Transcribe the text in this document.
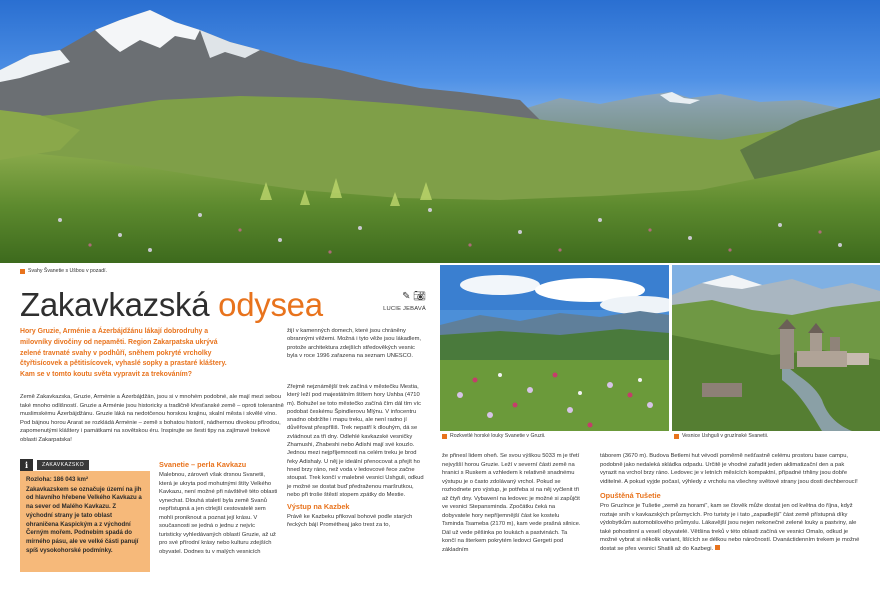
Svahy Švanetie s Ušbou v pozadí.
Zakavkazská odysea	✎ 📷︎
LUCIE JEBAVÁ

Hory Gruzie, Arménie a Ázerbájdžánu lákají dobrodruhy a milovníky divočiny od nepaměti. Region Zakarpatska ukrývá zelené travnaté svahy v podhůří, sněhem pokryté vrcholky čtyřtisícovek a pětitisícovek, vyhaslé sopky a prastaré kláštery. Kam se v tomto koutu světa vypravit za trekováním?

žijí v kamenných domech, které jsou chráněny obrannými věžemi. Možná i tyto věže jsou lákadlem, protože architektura zdejších středověkých vesnic byla v roce 1996 zařazena na seznam UNESCO.

Země Zakavkazska, Gruzie, Arménie a Ázerbájdžán, jsou si v mnohém podobné, ale mají mezi sebou také mnoho odlišností. Gruzie a Arménie jsou historicky a tradičně křesťanské země – oproti tolerantně muslimskému Ázerbájdžánu. Gruzie láká na nedotčenou horskou krajinu, skalní města i skvělé víno. Pod bájnou horou Ararat se rozkládá Arménie – země s bohatou historií, nádhernou divokou přírodou, zapomenutými kláštery i památkami na sovětskou éru. Inspirujte se šesti tipy na zajímavé trekové oblasti Zakarpatska!

i	ZAKAVKAZSKO
Rozloha: 186 043 km²
Zakavkazskem se označuje území na jih od hlavního hřebene Velkého Kavkazu a na sever od Malého Kavkazu. Z východní strany je tato oblast ohraničena Kaspickým a z východní Černým mořem. Podnebím spadá do mírného pásu, ale ve velké části panují spíš vysokohorské podmínky.
Svanetie – perla Kavkazu

Malebnou, zároveň však drsnou Svanetii, která je ukryta pod mohutnými štíty Velkého Kavkazu, není možné při návštěvě této oblasti vynechat. Dlouhá staletí byla země Svanů nepřístupná a jen ctrlejší cestovatelé sem mohli proniknout a poznat její krásu. V současnosti se jedná o jednu z nejvíc turisticky vyhledávaných oblastí Gruzie, až už pro své přírodní krásy nebo kulturu zdejších obyvatel. Dodnes tu v malých vesnicích

Zřejmě nejznámější trek začíná v městečku Mestia, který leží pod majestátním štítem hory Ushba (4710 m). Bohužel se toto městečko začíná čím dál tím víc podobat českému Špindlerovu Mlýnu. V infocentru snadno obdržíte i mapu treku, ale není radno jí důvěřovat přespříliš. Trek nepatří k dlouhým, dá se zvládnout za tři dny. Odlehlé kavkazské vesničky Zhamushi, Zhabeshi nebo Adishi mají své kouzlo. Jednou mezi nejpříjemnosti na celém treku je brod řeky Adishaly. U něj je ideální přenocovat a přejít ho hned brzy ráno, než voda v ledovcové řece začne stoupat. Trek končí v malebné vesnici Ushguli, odkud je možné se dostat buď předraženou maršrutkou, nebo při troše štěstí stopem zpátky do Mestie.

Výstup na Kazbek

Právě ke Kazbeku přikoval bohové podle starých řeckých bájí Prométheaj jako trest za to,

Rozkvetlé horské louky Svanetie v Gruzii.	Vesnice Ushguli v gruzínské Svanetii.

že přinesl lidem oheň. Se svou výškou 5033 m je třetí nejvyšší horou Gruzie. Leží v severní části země na hranici s Ruskem a vzhledem k relativně snadnému výstupu je o často zdolávaný vrchol. Pokud se rozhodnete pro výstup, je potřeba si na něj vyčlenit tři až čtyři dny. Vybavení na ledovec je možné si zapůjčit ve vesnici Stepansminda. Zpočátku čeká na dobyvatele hory nepříjemnější část ke kostelu Tsminda Tsameba (2170 m), kam vede prašná silnice. Dál už vede pěšinka po loukách a pastvinách. Ta končí na šterkem pokrytém ledovci Gergeti pod základním

táborem (3670 m). Budova Betlemi hut vévodí poměrně nešťastně celému prostoru base campu, podobně jako nedaleká skládka odpadu. Určitě je vhodné zařadit jeden aklimatizační den a pak vyrazit na vrchol brzy ráno. Ledovec je v letních měsících kompaktní, případné trhliny jsou dobře viditelné. A pokud vyjde počasí, výhledy z vrcholu na všechny světové strany jsou dosti dechberoucí!

Opuštěná Tušetie

Pro Gruzínce je Tušetie „země za horami“, kam se člověk může dostat jen od května do října, když roztaje sníh v kavkazských průsmycích. Pro turisty je i tato „zapadlejší“ část země přístupná díky výdobytkům automobilového průmyslu. Lákavější jsou nejen nekonečné zelené louky a pastviny, ale také pohostinní a veselí obyvatelé. Většina treků v této oblasti začíná ve vesnici Omalo, odkud je možné vybrat si několik variant, lišících se délkou nebo náročností. Dvanáctidenním trekem je možné dostat se přes vesnici Shatili až do Kazbegi.
